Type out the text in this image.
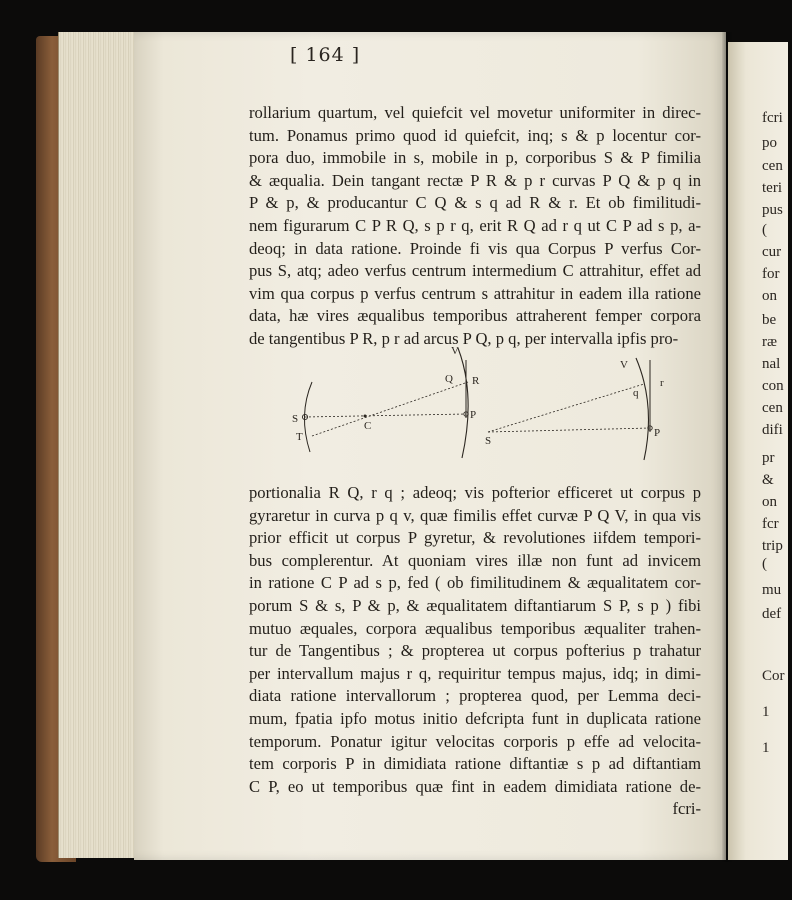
[ 164 ]
rollarium quartum, vel quiefcit vel movetur uniformiter in direc-
tum. Ponamus primo quod id quiefcit, inq; s & p locentur cor-
pora duo, immobile in s, mobile in p, corporibus S & P fimilia
& æqualia. Dein tangant rectæ P R & p r curvas P Q & p q in
P & p, & producantur C Q & s q ad R & r. Et ob fimilitudi-
nem figurarum C P R Q, s p r q, erit R Q ad r q ut C P ad s p, a-
deoq; in data ratione. Proinde fi vis qua Corpus P verfus Cor-
pus S, atq; adeo verfus centrum intermedium C attrahitur, effet ad
vim qua corpus p verfus centrum s attrahitur in eadem illa ratione
data, hæ vires æqualibus temporibus attraherent femper corpora
de tangentibus P R, p r ad arcus P Q, p q, per intervalla ipfis pro-
V
Q R
S
T
C
P
V
q
r
S
P
portionalia R Q, r q ; adeoq; vis pofterior efficeret ut corpus p
gyraretur in curva p q v, quæ fimilis effet curvæ P Q V, in qua vis
prior efficit ut corpus P gyretur, & revolutiones iifdem tempori-
bus complerentur. At quoniam vires illæ non funt ad invicem
in ratione C P ad s p, fed ( ob fimilitudinem & æqualitatem cor-
porum S & s, P & p, & æqualitatem diftantiarum S P, s p ) fibi
mutuo æquales, corpora æqualibus temporibus æqualiter trahen-
tur de Tangentibus ; & propterea ut corpus pofterius p trahatur
per intervallum majus r q, requiritur tempus majus, idq; in dimi-
diata ratione intervallorum ; propterea quod, per Lemma deci-
mum, fpatia ipfo motus initio defcripta funt in duplicata ratione
temporum. Ponatur igitur velocitas corporis p effe ad velocita-
tem corporis P in dimidiata ratione diftantiæ s p ad diftantiam
C P, eo ut temporibus quæ fint in eadem dimidiata ratione de-
fcri-
fcri
po
cen
teri
pus
(
cur
for
on
be
ræ
nal
con
cen
difi
pr
&
on
fcr
trip
(
mu
def
Cor
1
1
